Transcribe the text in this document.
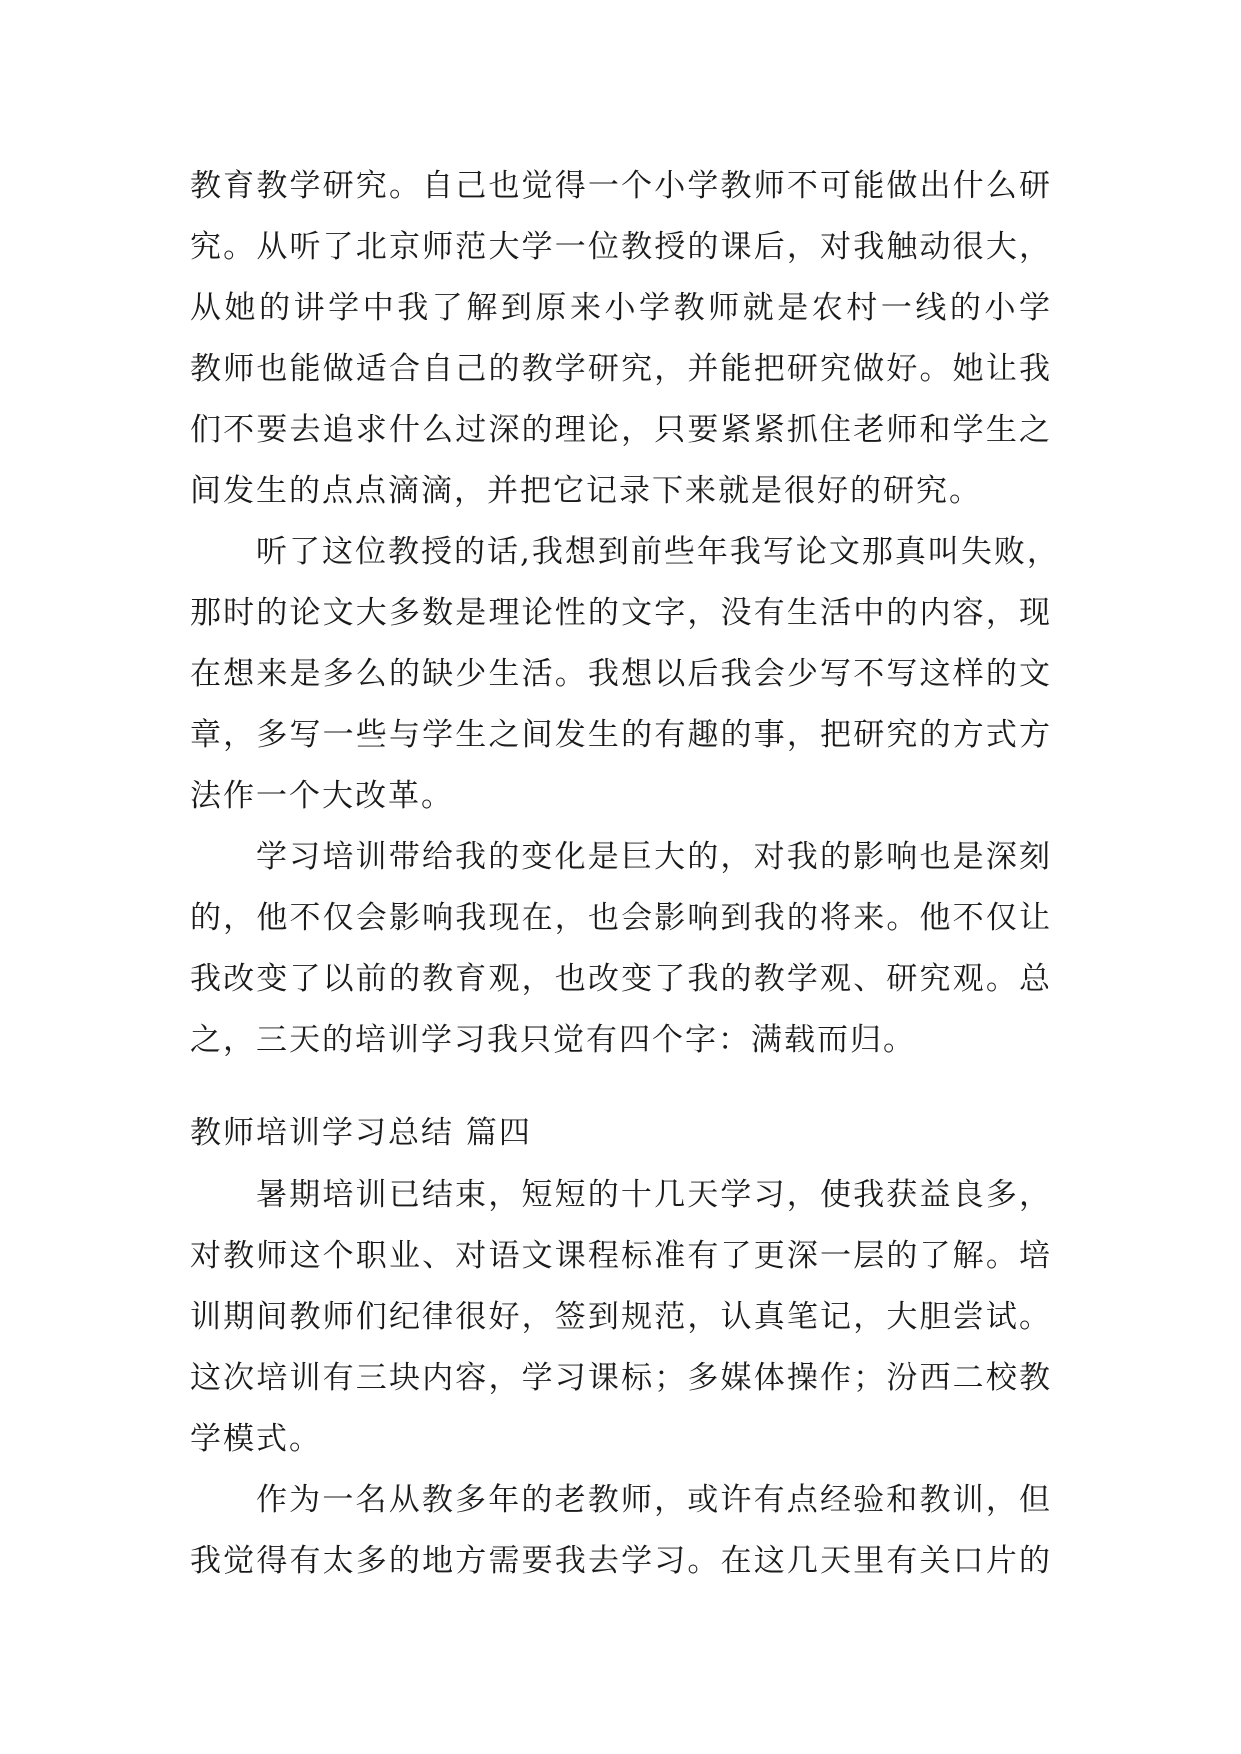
教育教学研究。自己也觉得一个小学教师不可能做出什么研
究。从听了北京师范大学一位教授的课后，对我触动很大，
从她的讲学中我了解到原来小学教师就是农村一线的小学
教师也能做适合自己的教学研究，并能把研究做好。她让我
们不要去追求什么过深的理论，只要紧紧抓住老师和学生之
间发生的点点滴滴，并把它记录下来就是很好的研究。
听了这位教授的话,我想到前些年我写论文那真叫失败，
那时的论文大多数是理论性的文字，没有生活中的内容，现
在想来是多么的缺少生活。我想以后我会少写不写这样的文
章，多写一些与学生之间发生的有趣的事，把研究的方式方
法作一个大改革。
学习培训带给我的变化是巨大的，对我的影响也是深刻
的，他不仅会影响我现在，也会影响到我的将来。他不仅让
我改变了以前的教育观，也改变了我的教学观、研究观。总
之，三天的培训学习我只觉有四个字：满载而归。
教师培训学习总结 篇四
暑期培训已结束，短短的十几天学习，使我获益良多，
对教师这个职业、对语文课程标准有了更深一层的了解。培
训期间教师们纪律很好，签到规范，认真笔记，大胆尝试。
这次培训有三块内容，学习课标；多媒体操作；汾西二校教
学模式。
作为一名从教多年的老教师，或许有点经验和教训，但
我觉得有太多的地方需要我去学习。在这几天里有关口片的
